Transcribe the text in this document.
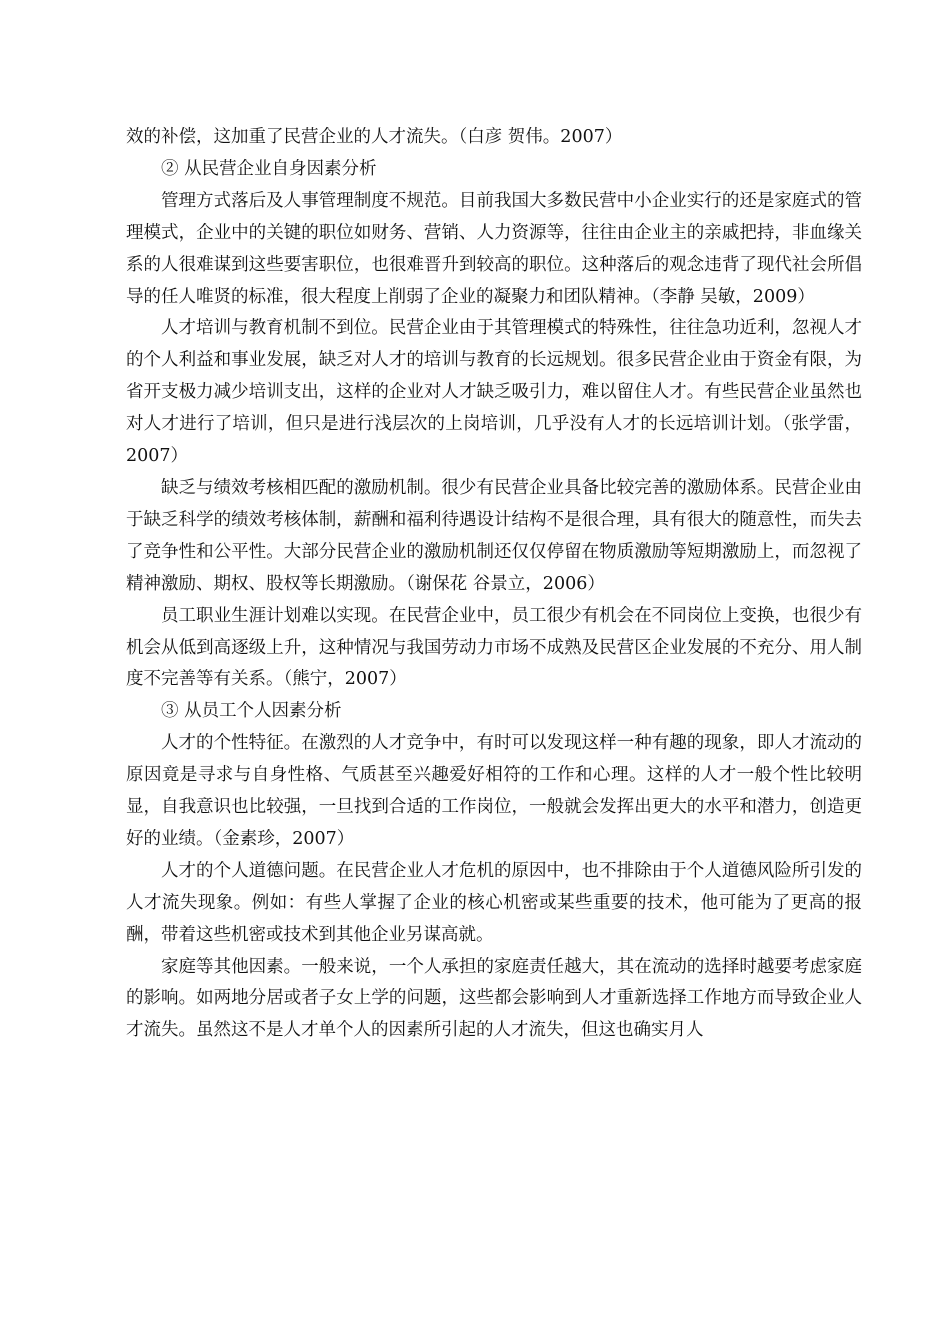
效的补偿，这加重了民营企业的人才流失。（白彦 贺伟。2007）

② 从民营企业自身因素分析

管理方式落后及人事管理制度不规范。目前我国大多数民营中小企业实行的还是家庭式的管理模式，企业中的关键的职位如财务、营销、人力资源等，往往由企业主的亲戚把持，非血缘关系的人很难谋到这些要害职位，也很难晋升到较高的职位。这种落后的观念违背了现代社会所倡导的任人唯贤的标准，很大程度上削弱了企业的凝聚力和团队精神。（李静 吴敏，2009）

人才培训与教育机制不到位。民营企业由于其管理模式的特殊性，往往急功近利，忽视人才的个人利益和事业发展，缺乏对人才的培训与教育的长远规划。很多民营企业由于资金有限，为省开支极力减少培训支出，这样的企业对人才缺乏吸引力，难以留住人才。有些民营企业虽然也对人才进行了培训，但只是进行浅层次的上岗培训，几乎没有人才的长远培训计划。（张学雷，2007）

缺乏与绩效考核相匹配的激励机制。很少有民营企业具备比较完善的激励体系。民营企业由于缺乏科学的绩效考核体制，薪酬和福利待遇设计结构不是很合理，具有很大的随意性，而失去了竞争性和公平性。大部分民营企业的激励机制还仅仅停留在物质激励等短期激励上，而忽视了精神激励、期权、股权等长期激励。（谢保花 谷景立，2006）

员工职业生涯计划难以实现。在民营企业中，员工很少有机会在不同岗位上变换，也很少有机会从低到高逐级上升，这种情况与我国劳动力市场不成熟及民营区企业发展的不充分、用人制度不完善等有关系。（熊宁，2007）

③ 从员工个人因素分析

人才的个性特征。在激烈的人才竞争中，有时可以发现这样一种有趣的现象，即人才流动的原因竟是寻求与自身性格、气质甚至兴趣爱好相符的工作和心理。这样的人才一般个性比较明显，自我意识也比较强，一旦找到合适的工作岗位，一般就会发挥出更大的水平和潜力，创造更好的业绩。（金素珍，2007）

人才的个人道德问题。在民营企业人才危机的原因中，也不排除由于个人道德风险所引发的人才流失现象。例如：有些人掌握了企业的核心机密或某些重要的技术，他可能为了更高的报酬，带着这些机密或技术到其他企业另谋高就。

家庭等其他因素。一般来说，一个人承担的家庭责任越大，其在流动的选择时越要考虑家庭的影响。如两地分居或者子女上学的问题，这些都会影响到人才重新选择工作地方而导致企业人才流失。虽然这不是人才单个人的因素所引起的人才流失，但这也确实月人
